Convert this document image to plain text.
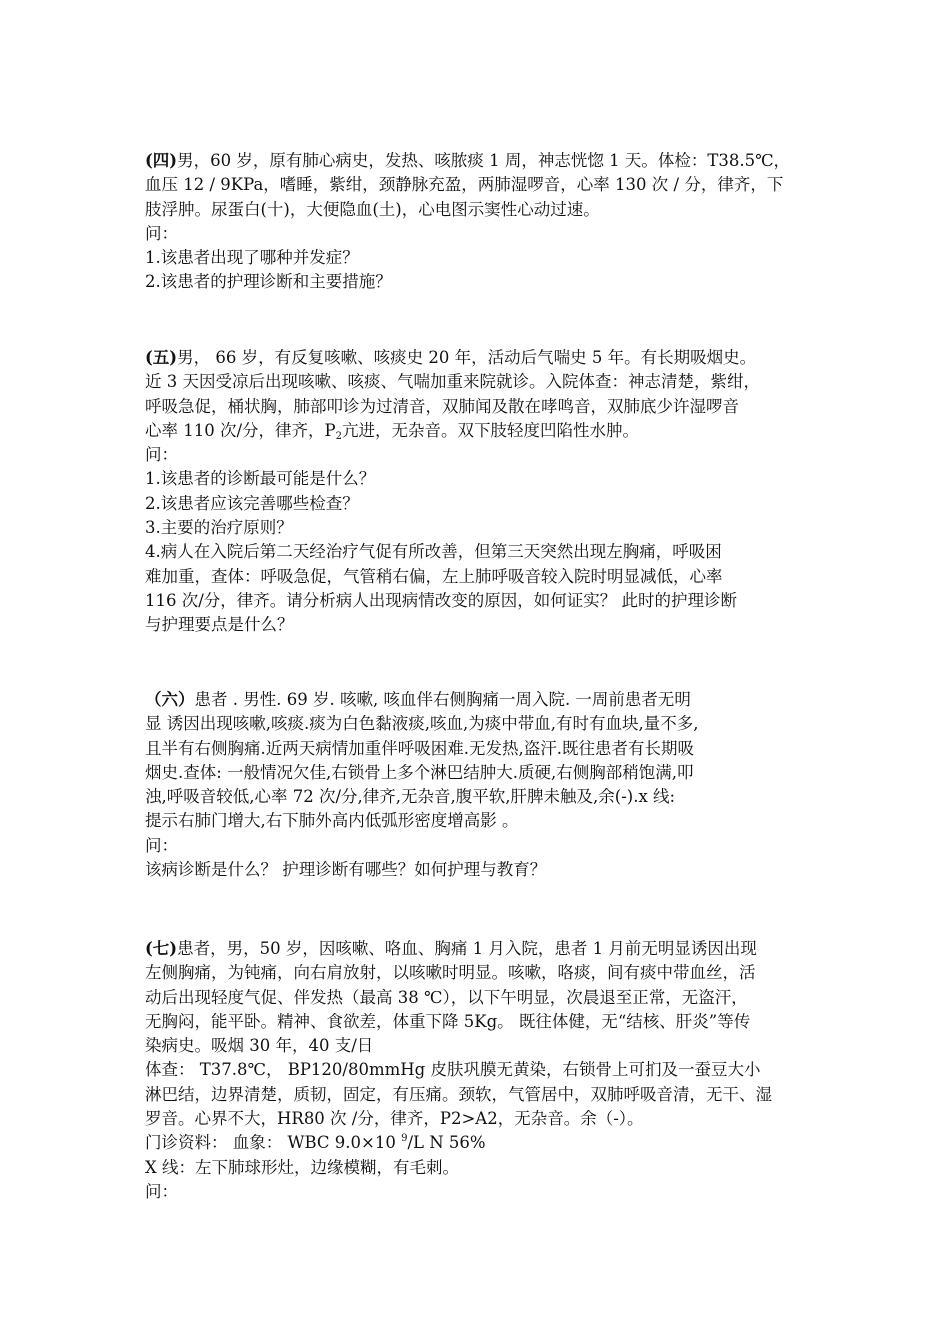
(四)男，60 岁，原有肺心病史，发热、咳脓痰 1 周，神志恍惚 1 天。体检：T38.5℃，
血压 12 / 9KPa，嗜睡，紫绀，颈静脉充盈，两肺湿啰音，心率 130 次 / 分，律齐，下
肢浮肿。尿蛋白(十)，大便隐血(土)，心电图示窦性心动过速。
问：
1.该患者出现了哪种并发症？
2.该患者的护理诊断和主要措施？
(五)男， 66 岁，有反复咳嗽、咳痰史 20 年，活动后气喘史 5 年。有长期吸烟史。
近 3 天因受凉后出现咳嗽、咳痰、气喘加重来院就诊。入院体查：神志清楚，紫绀，
呼吸急促，桶状胸，肺部叩诊为过清音，双肺闻及散在哮鸣音，双肺底少许湿啰音
心率 110 次/分，律齐，$P_2$亢进，无杂音。双下肢轻度凹陷性水肿。
问：
1.该患者的诊断最可能是什么？
2.该患者应该完善哪些检查？
3.主要的治疗原则？
4.病人在入院后第二天经治疗气促有所改善，但第三天突然出现左胸痛，呼吸困
难加重，查体：呼吸急促，气管稍右偏，左上肺呼吸音较入院时明显减低，心率
116 次/分，律齐。请分析病人出现病情改变的原因，如何证实？ 此时的护理诊断
与护理要点是什么？
（六）患者 . 男性. 69 岁. 咳嗽, 咳血伴右侧胸痛一周入院. 一周前患者无明
显 诱因出现咳嗽,咳痰.痰为白色黏液痰,咳血,为痰中带血,有时有血块,量不多,
且半有右侧胸痛.近两天病情加重伴呼吸困难.无发热,盗汗.既往患者有长期吸
烟史.查体: 一般情况欠佳,右锁骨上多个淋巴结肿大.质硬,右侧胸部稍饱满,叩
浊,呼吸音较低,心率 72 次/分,律齐,无杂音,腹平软,肝脾未触及,余(-).x 线:
提示右肺门增大,右下肺外高内低弧形密度增高影 。
问：
该病诊断是什么？ 护理诊断有哪些？如何护理与教育？
(七)患者，男，50 岁，因咳嗽、咯血、胸痛 1 月入院，患者 1 月前无明显诱因出现
左侧胸痛，为钝痛，向右肩放射，以咳嗽时明显。咳嗽，咯痰，间有痰中带血丝，活
动后出现轻度气促、伴发热（最高 38 ℃），以下午明显，次晨退至正常，无盗汗，
无胸闷，能平卧。精神、食欲差，体重下降 5Kg。 既往体健，无“结核、肝炎”等传
染病史。吸烟 30 年，40 支/日
体查： T37.8℃， BP120/80mmHg 皮肤巩膜无黄染，右锁骨上可扪及一蚕豆大小
淋巴结，边界清楚，质韧，固定，有压痛。颈软，气管居中，双肺呼吸音清，无干、湿
罗音。心界不大，HR80 次 /分，律齐，P2>A2，无杂音。余（-）。
门诊资料： 血象： WBC 9.0×10 $^9$/L N 56%
X 线：左下肺球形灶，边缘模糊，有毛刺。
问：
